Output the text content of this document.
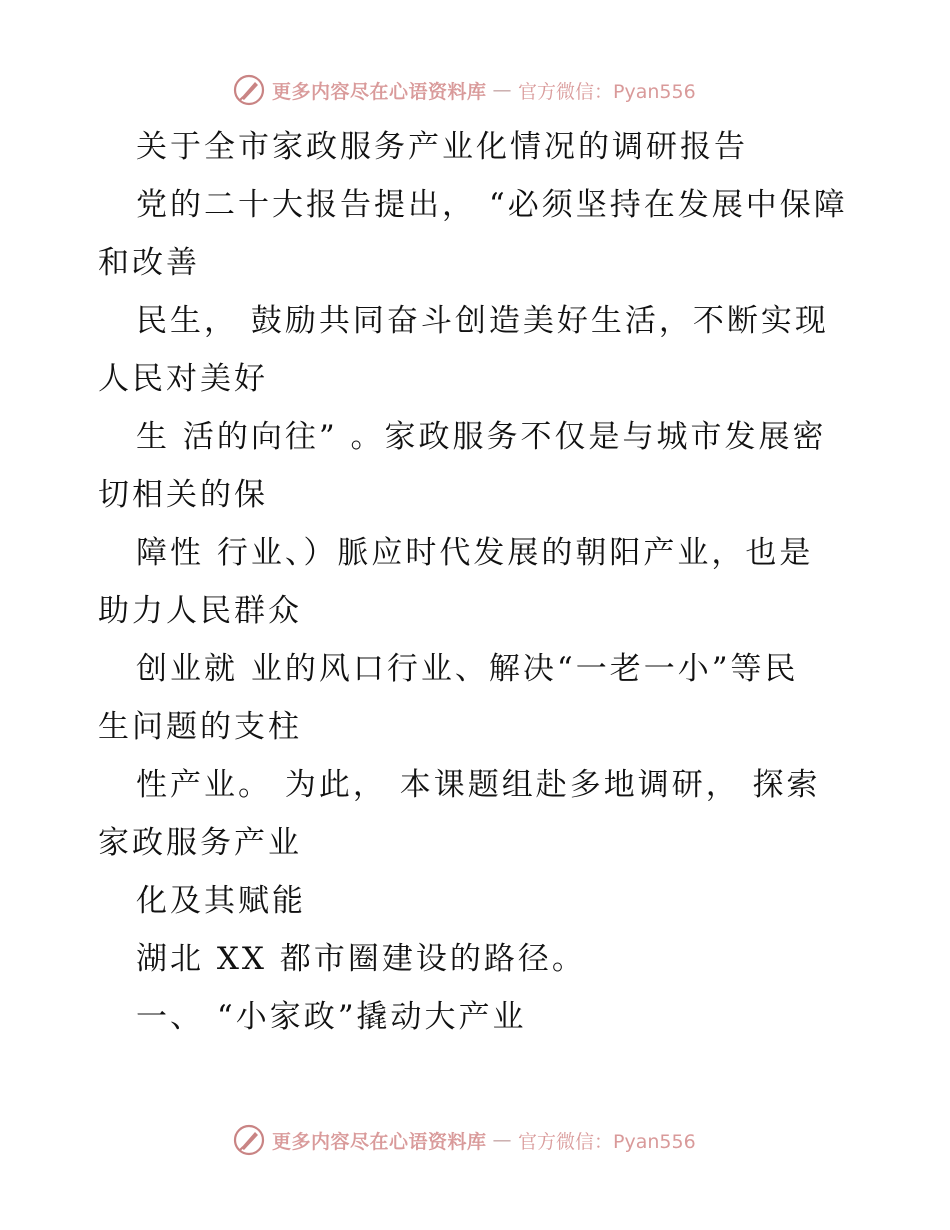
更多内容尽在心语资料库 — 官方微信：Pyan556
关于全市家政服务产业化情况的调研报告
党的二十大报告提出， “必须坚持在发展中保障
和改善
民生， 鼓励共同奋斗创造美好生活，不断实现
人民对美好
生 活的向往” 。家政服务不仅是与城市发展密
切相关的保
障性 行业、）脈应时代发展的朝阳产业，也是
助力人民群众
创业就 业的风口行业、解决“一老一小”等民
生问题的支柱
性产业。 为此， 本课题组赴多地调研， 探索
家政服务产业
化及其赋能
湖北 XX 都市圈建设的路径。
一、 “小家政”撬动大产业
更多内容尽在心语资料库 — 官方微信：Pyan556
